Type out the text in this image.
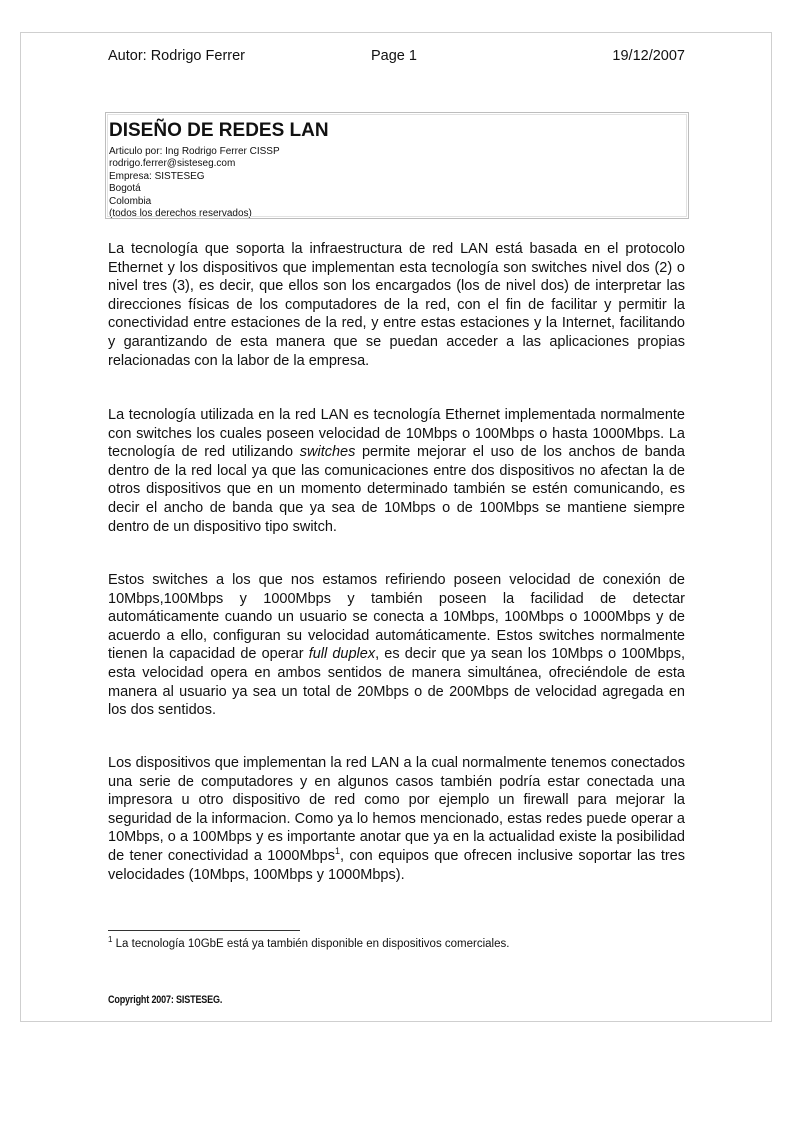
Autor: Rodrigo Ferrer	Page 1	19/12/2007
DISEÑO DE REDES LAN
Articulo por: Ing Rodrigo Ferrer CISSP
rodrigo.ferrer@sisteseg.com
Empresa: SISTESEG
Bogotá
Colombia
(todos los derechos reservados)

La tecnología que soporta la infraestructura de red LAN está basada en el protocolo Ethernet y los dispositivos que implementan esta tecnología son switches nivel dos (2) o nivel tres (3), es decir, que ellos son los encargados (los de nivel dos) de interpretar las direcciones físicas de los computadores de la red, con el fin de facilitar y permitir la conectividad entre estaciones de la red, y entre estas estaciones y la Internet, facilitando y garantizando de esta manera que se puedan acceder a las aplicaciones propias relacionadas con la labor de la empresa.

La tecnología utilizada en la red LAN es tecnología Ethernet implementada normalmente con switches los cuales poseen velocidad de 10Mbps o 100Mbps o hasta 1000Mbps. La tecnología de red utilizando switches permite mejorar el uso de los anchos de banda dentro de la red local ya que las comunicaciones entre dos dispositivos no afectan la de otros dispositivos que en un momento determinado también se estén comunicando, es decir el ancho de banda que ya sea de 10Mbps o de 100Mbps se mantiene siempre dentro de un dispositivo tipo switch.

Estos switches a los que nos estamos refiriendo poseen velocidad de conexión de 10Mbps,100Mbps y 1000Mbps y también poseen la facilidad de detectar automáticamente cuando un usuario se conecta a 10Mbps, 100Mbps o 1000Mbps y de acuerdo a ello, configuran su velocidad automáticamente. Estos switches normalmente tienen la capacidad de operar full duplex, es decir que ya sean los 10Mbps o 100Mbps, esta velocidad opera en ambos sentidos de manera simultánea, ofreciéndole de esta manera al usuario ya sea un total de 20Mbps o de 200Mbps de velocidad agregada en los dos sentidos.

Los dispositivos que implementan la red LAN a la cual normalmente tenemos conectados una serie de computadores y en algunos casos también podría estar conectada una impresora u otro dispositivo de red como por ejemplo un firewall para mejorar la seguridad de la informacion. Como ya lo hemos mencionado, estas redes puede operar a 10Mbps, o a 100Mbps y es importante anotar que ya en la actualidad existe la posibilidad de tener conectividad a 1000Mbps$^1$, con equipos que ofrecen inclusive soportar las tres velocidades (10Mbps, 100Mbps y 1000Mbps).

$^1$ La tecnología 10GbE está ya también disponible en dispositivos comerciales.
Copyright 2007: SISTESEG.
